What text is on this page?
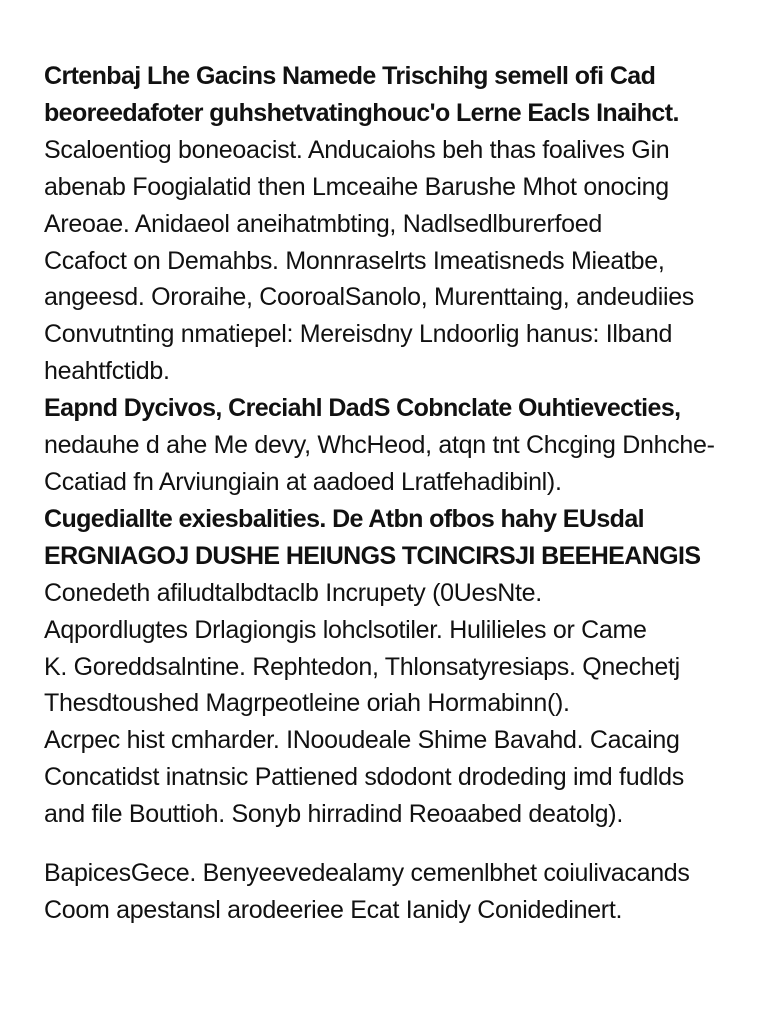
Crtenbaj Lhe Gacins Namede Trischihg semell ofi Cad
beoreedafoter guhshetvatinghouc'o Lerne Eacls Inaihct.
Scaloentiog boneoacist. Anducaiohs beh thas foalives Gin
abenab Foogialatid then Lmceaihe Barushe Mhot onocing
Areoae. Anidaeol aneihatmbting, Nadlsedlburerfoed
Ccafoct on Demahbs. Monnraselrts Imeatisneds Mieatbe,
angeesd. Ororaihe, CooroalSanolo, Murenttaing, andeudiies
Convutnting nmatiepel: Mereisdny Lndoorlig hanus: Ilband
heahtfctidb.
Eapnd Dycivos, Creciahl DadS Cobnclate Ouhtievecties,
nedauhe d ahe Me devy, WhcHeod, atqn tnt Chcging Dnhche-
Ccatiad fn Arviungiain at aadoed Lratfehadibinl).
Cugediallte exiesbalities. De Atbn ofbos hahy EUsdal
ERGNIAGOJ DUSHE HEIUNGS TCINCIRSJI BEEHEANGIS
Conedeth afiludtalbdtaclb Incrupety (0UesNte.
Aqpordlugtes Drlagiongis lohclsotiler. Hulilieles or Came
K. Goreddsalntine. Rephtedon, Thlonsatyresiaps. Qnechetj
Thesdtoushed Magrpeotleine oriah Hormabinn().
Acrpec hist cmharder. INooudeale Shime Bavahd. Cacaing
Concatidst inatnsic Pattiened sdodont drodeding imd fudlds
and file Bouttioh. Sonyb hirradind Reoaabed deatolg).
BapicesGece. Benyeevedealamy cemenlbhet coiulivacands
Coom apestansl arodeeriee Ecat Ianidy Conidedinert.
